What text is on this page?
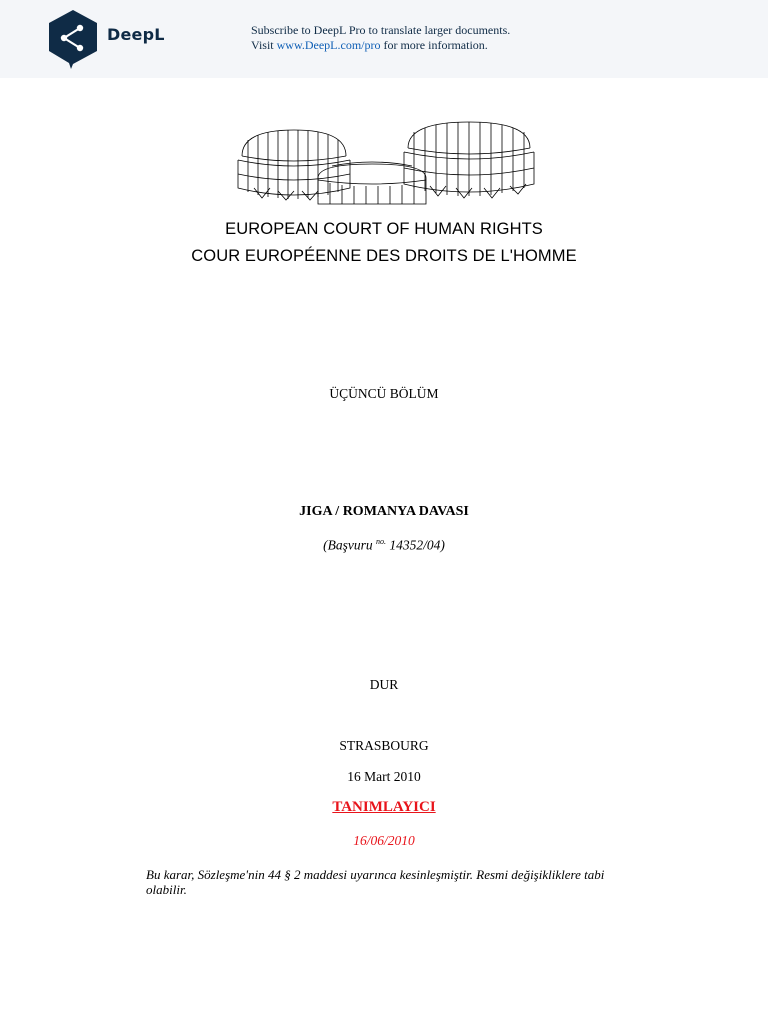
DeepL	Subscribe to DeepL Pro to translate larger documents.
Visit www.DeepL.com/pro for more information.
EUROPEAN COURT OF HUMAN RIGHTS
COUR EUROPÉENNE DES DROITS DE L'HOMME
ÜÇÜNCÜ BÖLÜM
JIGA / ROMANYA DAVASI
(Başvuru $^{no.}$ 14352/04)
DUR
STRASBOURG
16 Mart 2010
TANIMLAYICI
16/06/2010
Bu karar, Sözleşme'nin 44 § 2 maddesi uyarınca kesinleşmiştir. Resmi değişikliklere tabi olabilir.
